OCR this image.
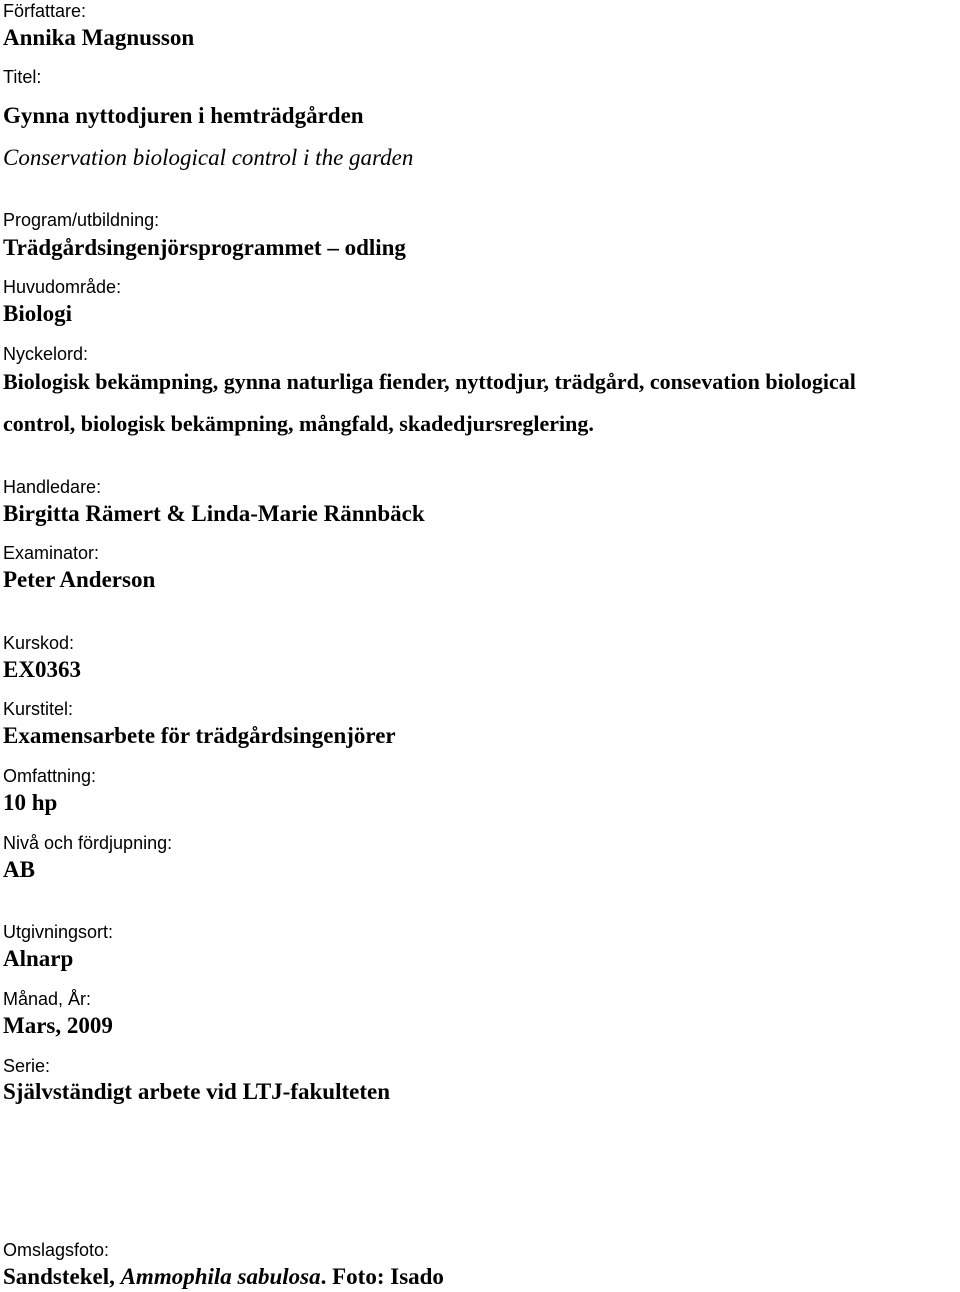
Författare:
Annika Magnusson
Titel:
Gynna nyttodjuren i hemträdgården
Conservation biological control i the garden
Program/utbildning:
Trädgårdsingenjörsprogrammet – odling
Huvudområde:
Biologi
Nyckelord:
Biologisk bekämpning, gynna naturliga fiender, nyttodjur, trädgård, consevation biological
control, biologisk bekämpning, mångfald, skadedjursreglering.
Handledare:
Birgitta Rämert & Linda-Marie Rännbäck
Examinator:
Peter Anderson
Kurskod:
EX0363
Kurstitel:
Examensarbete för trädgårdsingenjörer
Omfattning:
10 hp
Nivå och fördjupning:
AB
Utgivningsort:
Alnarp
Månad, År:
Mars, 2009
Serie:
Självständigt arbete vid LTJ-fakulteten
Omslagsfoto:
Sandstekel, Ammophila sabulosa. Foto: Isado
